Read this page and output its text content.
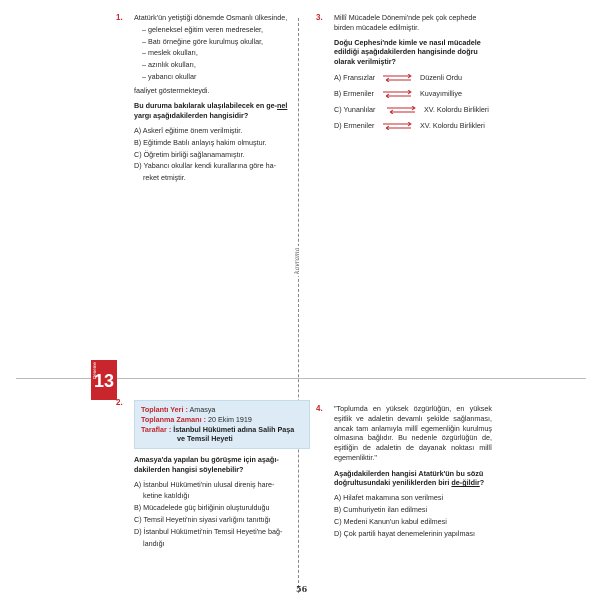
kavrama
Deneme
13
1. Atatürk'ün yetiştiği dönemde Osmanlı ülkesinde,
– geleneksel eğitim veren medreseler,
– Batı örneğine göre kurulmuş okullar,
– meslek okulları,
– azınlık okulları,
– yabancı okullar
faaliyet göstermekteydi.
Bu duruma bakılarak ulaşılabilecek en ge-nel yargı aşağıdakilerden hangisidir?
A) Askerî eğitime önem verilmiştir.
B) Eğitimde Batılı anlayış hakim olmuştur.
C) Öğretim birliği sağlanamamıştır.
D) Yabancı okullar kendi kurallarına göre ha-
reket etmiştir.
3. Millî Mücadele Dönemi'nde pek çok cephede birden mücadele edilmiştir.
Doğu Cephesi'nde kimle ve nasıl mücadele edildiği aşağıdakilerden hangisinde doğru olarak verilmiştir?
A) Fransızlar	Düzenli Ordu
B) Ermeniler	Kuvayımilliye
C) Yunanlılar	XV. Kolordu Birlikleri
D) Ermeniler	XV. Kolordu Birlikleri
2.
Toplantı Yeri : Amasya
Toplanma Zamanı : 20 Ekim 1919
Taraflar : İstanbul Hükümeti adına Salih Paşa
ve Temsil Heyeti
Amasya'da yapılan bu görüşme için aşağı-dakilerden hangisi söylenebilir?
A) İstanbul Hükümeti'nin ulusal direniş hare-
ketine katıldığı
B) Mücadelede güç birliğinin oluşturulduğu
C) Temsil Heyeti'nin siyasi varlığını tanıttığı
D) İstanbul Hükümeti'nin Temsil Heyeti'ne bağ-
landığı
4. "Toplumda en yüksek özgürlüğün, en yüksek eşitlik ve adaletin devamlı şekilde sağlanması, ancak tam anlamıyla millî egemenliğin kurulmuş olmasına bağlıdır. Bu nedenle özgürlüğün de, eşitliğin de adaletin de dayanak noktası millî egemenliktir."
Aşağıdakilerden hangisi Atatürk'ün bu sözü doğrultusundaki yeniliklerden biri de-ğildir?
A) Hilafet makamına son verilmesi
B) Cumhuriyetin ilan edilmesi
C) Medeni Kanun'un kabul edilmesi
D) Çok partili hayat denemelerinin yapılması
56
